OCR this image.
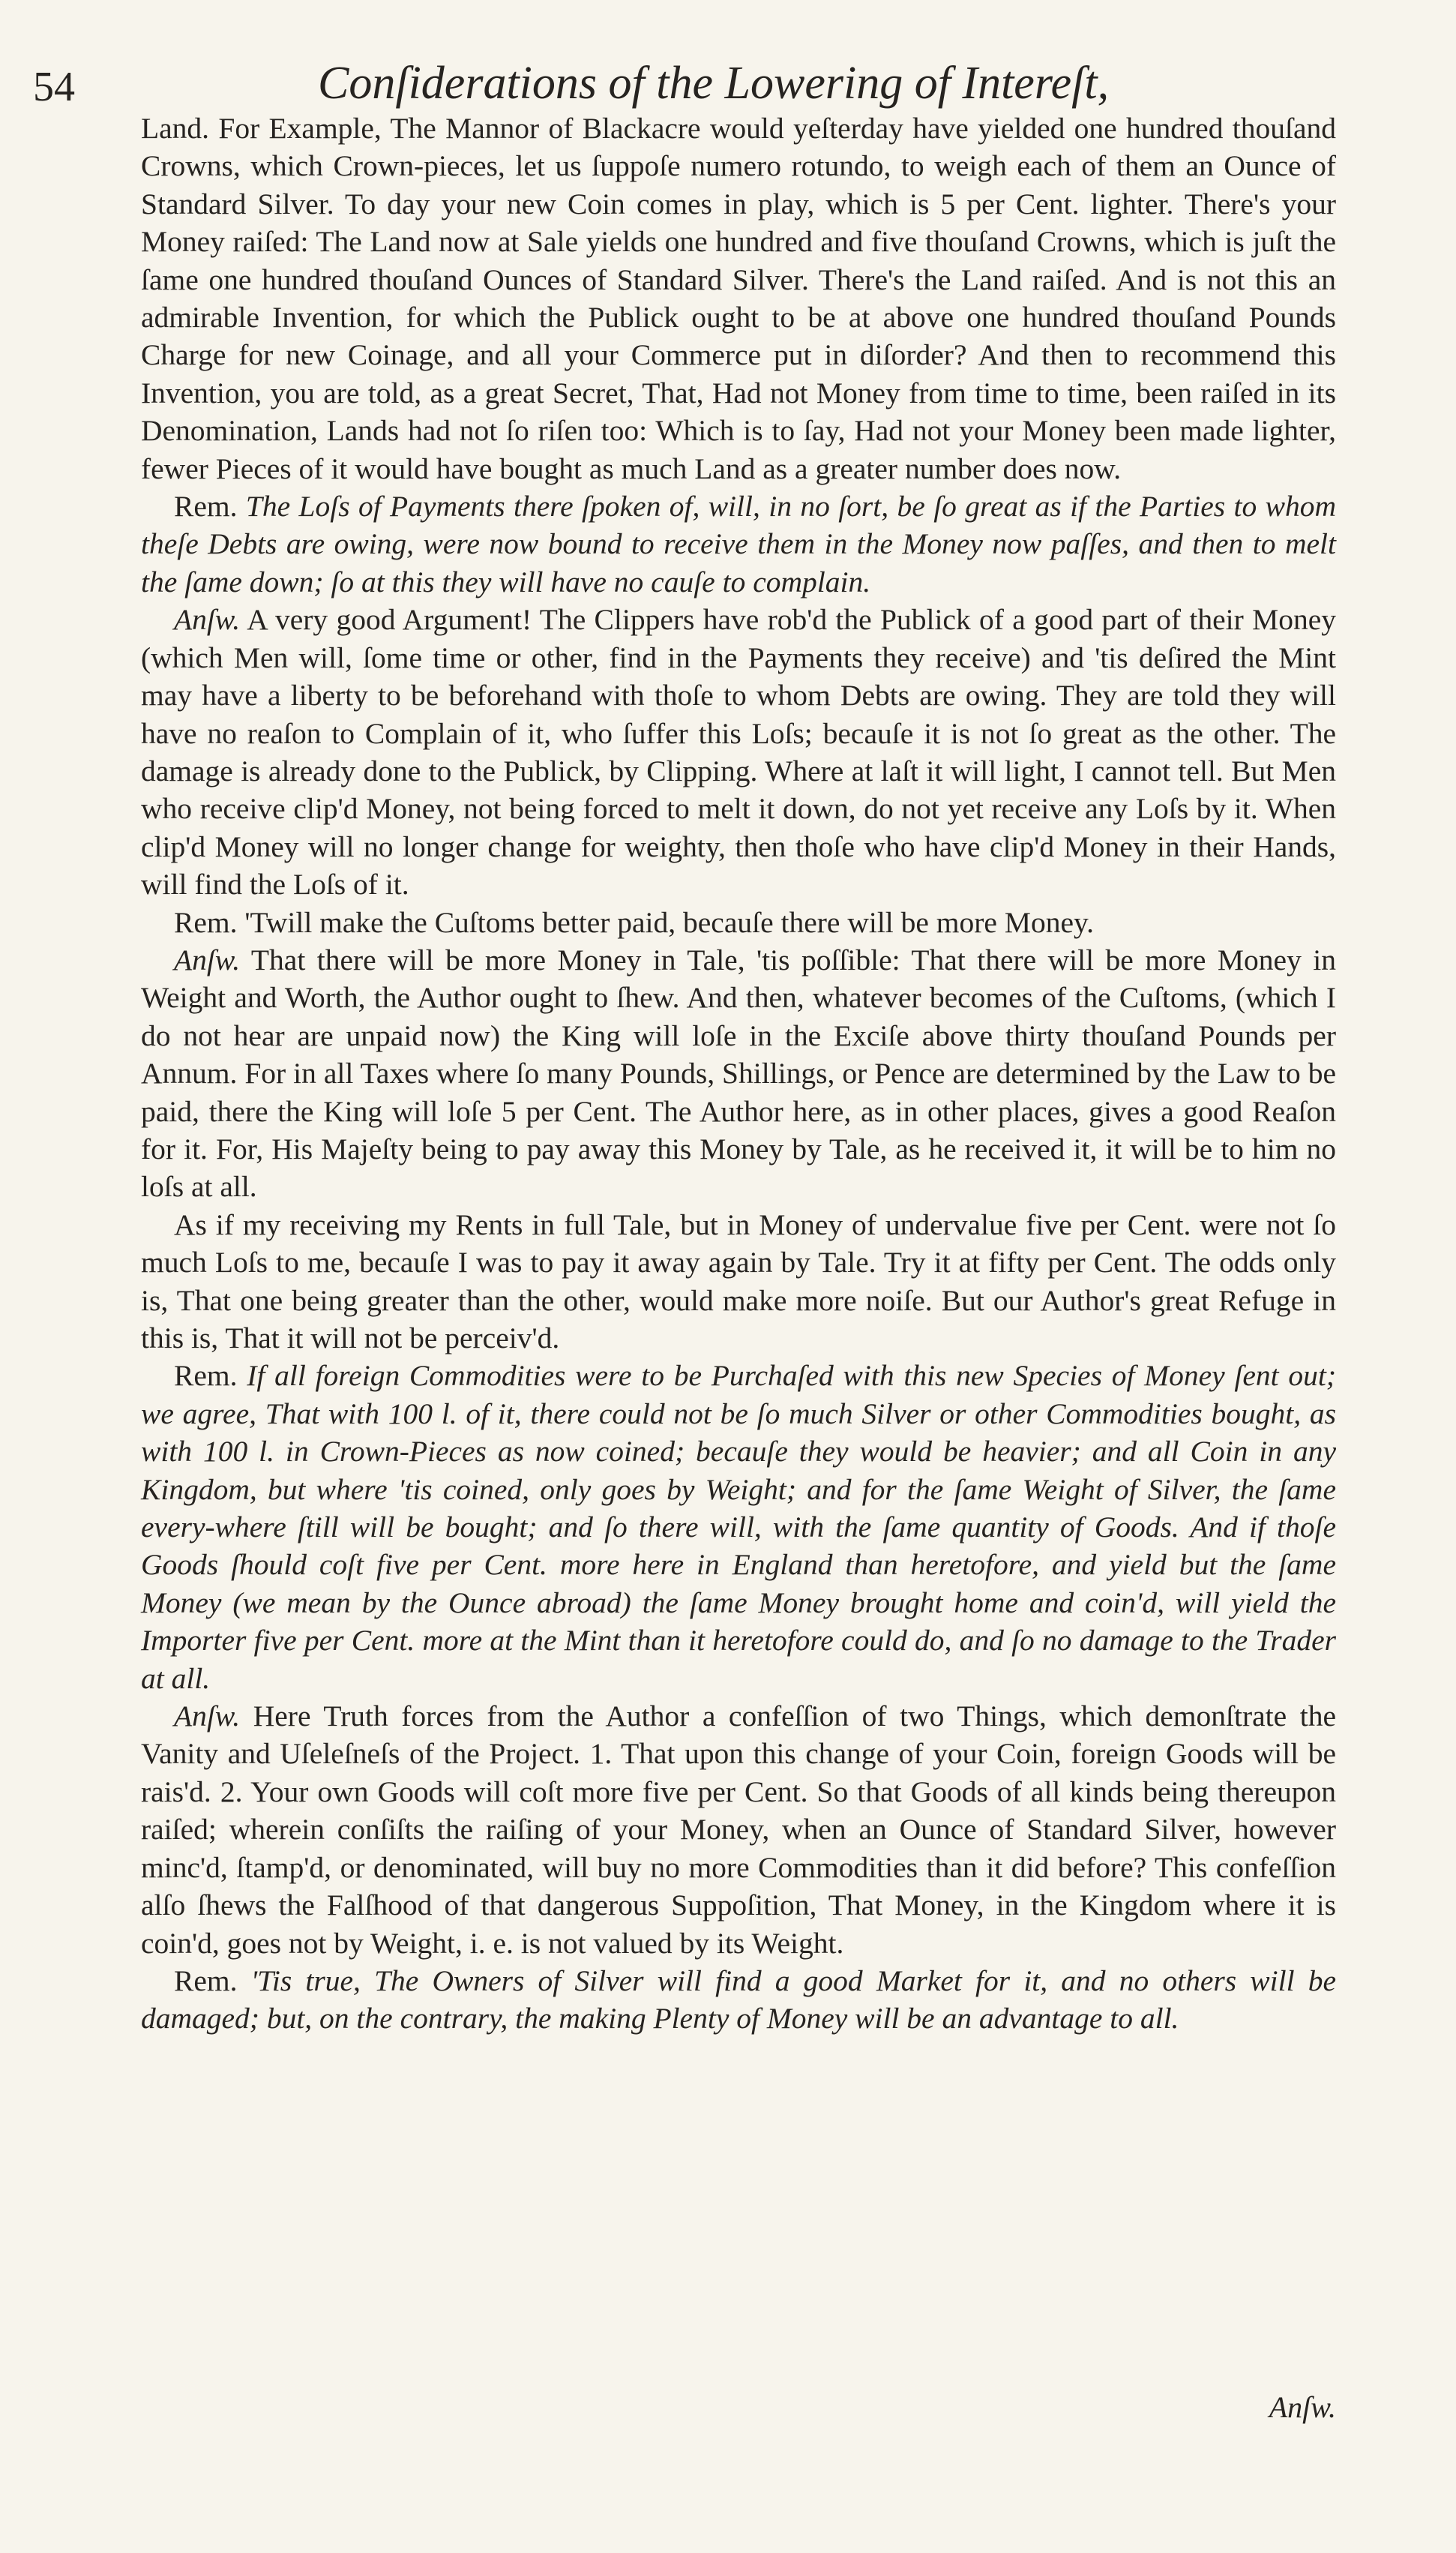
54	Conſiderations of the Lowering of Intereſt,

Land. For Example, The Mannor of Blackacre would yeſterday have yielded one hundred thouſand Crowns, which Crown-pieces, let us ſuppoſe numero rotundo, to weigh each of them an Ounce of Standard Silver. To day your new Coin comes in play, which is 5 per Cent. lighter. There's your Money raiſed: The Land now at Sale yields one hundred and five thouſand Crowns, which is juſt the ſame one hundred thouſand Ounces of Standard Silver. There's the Land raiſed. And is not this an admirable Invention, for which the Publick ought to be at above one hundred thouſand Pounds Charge for new Coinage, and all your Commerce put in diſorder? And then to recommend this Invention, you are told, as a great Secret, That, Had not Money from time to time, been raiſed in its Denomination, Lands had not ſo riſen too: Which is to ſay, Had not your Money been made lighter, fewer Pieces of it would have bought as much Land as a greater number does now.

Rem. The Loſs of Payments there ſpoken of, will, in no ſort, be ſo great as if the Parties to whom theſe Debts are owing, were now bound to receive them in the Money now paſſes, and then to melt the ſame down; ſo at this they will have no cauſe to complain.

Anſw. A very good Argument! The Clippers have rob'd the Publick of a good part of their Money (which Men will, ſome time or other, find in the Payments they receive) and 'tis deſired the Mint may have a liberty to be beforehand with thoſe to whom Debts are owing. They are told they will have no reaſon to Complain of it, who ſuffer this Loſs; becauſe it is not ſo great as the other. The damage is already done to the Publick, by Clipping. Where at laſt it will light, I cannot tell. But Men who receive clip'd Money, not being forced to melt it down, do not yet receive any Loſs by it. When clip'd Money will no longer change for weighty, then thoſe who have clip'd Money in their Hands, will find the Loſs of it.

Rem. 'Twill make the Cuſtoms better paid, becauſe there will be more Money.

Anſw. That there will be more Money in Tale, 'tis poſſible: That there will be more Money in Weight and Worth, the Author ought to ſhew. And then, whatever becomes of the Cuſtoms, (which I do not hear are unpaid now) the King will loſe in the Exciſe above thirty thouſand Pounds per Annum. For in all Taxes where ſo many Pounds, Shillings, or Pence are determined by the Law to be paid, there the King will loſe 5 per Cent. The Author here, as in other places, gives a good Reaſon for it. For, His Majeſty being to pay away this Money by Tale, as he received it, it will be to him no loſs at all.

As if my receiving my Rents in full Tale, but in Money of undervalue five per Cent. were not ſo much Loſs to me, becauſe I was to pay it away again by Tale. Try it at fifty per Cent. The odds only is, That one being greater than the other, would make more noiſe. But our Author's great Refuge in this is, That it will not be perceiv'd.

Rem. If all foreign Commodities were to be Purchaſed with this new Species of Money ſent out; we agree, That with 100 l. of it, there could not be ſo much Silver or other Commodities bought, as with 100 l. in Crown-Pieces as now coined; becauſe they would be heavier; and all Coin in any Kingdom, but where 'tis coined, only goes by Weight; and for the ſame Weight of Silver, the ſame every-where ſtill will be bought; and ſo there will, with the ſame quantity of Goods. And if thoſe Goods ſhould coſt five per Cent. more here in England than heretofore, and yield but the ſame Money (we mean by the Ounce abroad) the ſame Money brought home and coin'd, will yield the Importer five per Cent. more at the Mint than it heretofore could do, and ſo no damage to the Trader at all.

Anſw. Here Truth forces from the Author a confeſſion of two Things, which demonſtrate the Vanity and Uſeleſneſs of the Project. 1. That upon this change of your Coin, foreign Goods will be rais'd. 2. Your own Goods will coſt more five per Cent. So that Goods of all kinds being thereupon raiſed; wherein conſiſts the raiſing of your Money, when an Ounce of Standard Silver, however minc'd, ſtamp'd, or denominated, will buy no more Commodities than it did before? This confeſſion alſo ſhews the Falſhood of that dangerous Suppoſition, That Money, in the Kingdom where it is coin'd, goes not by Weight, i. e. is not valued by its Weight.

Rem. 'Tis true, The Owners of Silver will find a good Market for it, and no others will be damaged; but, on the contrary, the making Plenty of Money will be an advantage to all.

Anſw.
